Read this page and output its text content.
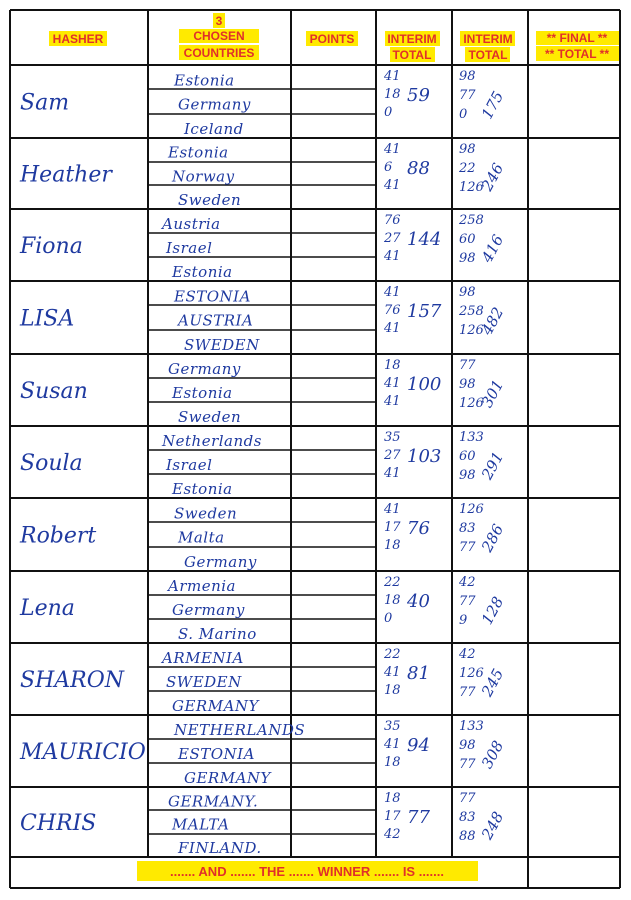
HASHER
3
CHOSEN
COUNTRIES
POINTS	INTERIM
TOTAL
INTERIM
TOTAL
** FINAL **
** TOTAL **
Sam
Estonia
Germany
Iceland
41
18
0
59
98
77
0 175
Heather
Estonia
Norway
Sweden
41
6
41
88
98
22
126
246
Fiona
Austria
Israel
Estonia
76
27
41
144
258
60
98 416
LISA
ESTONIA
AUSTRIA
SWEDEN
41
76
41
157
98
258
126
482
Susan
Germany
Estonia
Sweden
18
41
41
100
77
98
126
301
Soula
Netherlands
Israel
Estonia
35
27
41
103
133
60
98 291
Robert
Sweden
Malta
Germany
41
17
18
76
126
83
77 286
Lena
Armenia
Germany
S. Marino
22
18
0
40
42
77
9 128
SHARON
ARMENIA
SWEDEN
GERMANY
22
41
18
81
42
126
77 245
MAURICIO
NETHERLANDS
ESTONIA
GERMANY
35
41
18
94
133
98
77 308
CHRIS
GERMANY.
MALTA
FINLAND.
18
17
42
77
77
83
88 248
....... AND ....... THE ....... WINNER ....... IS .......
